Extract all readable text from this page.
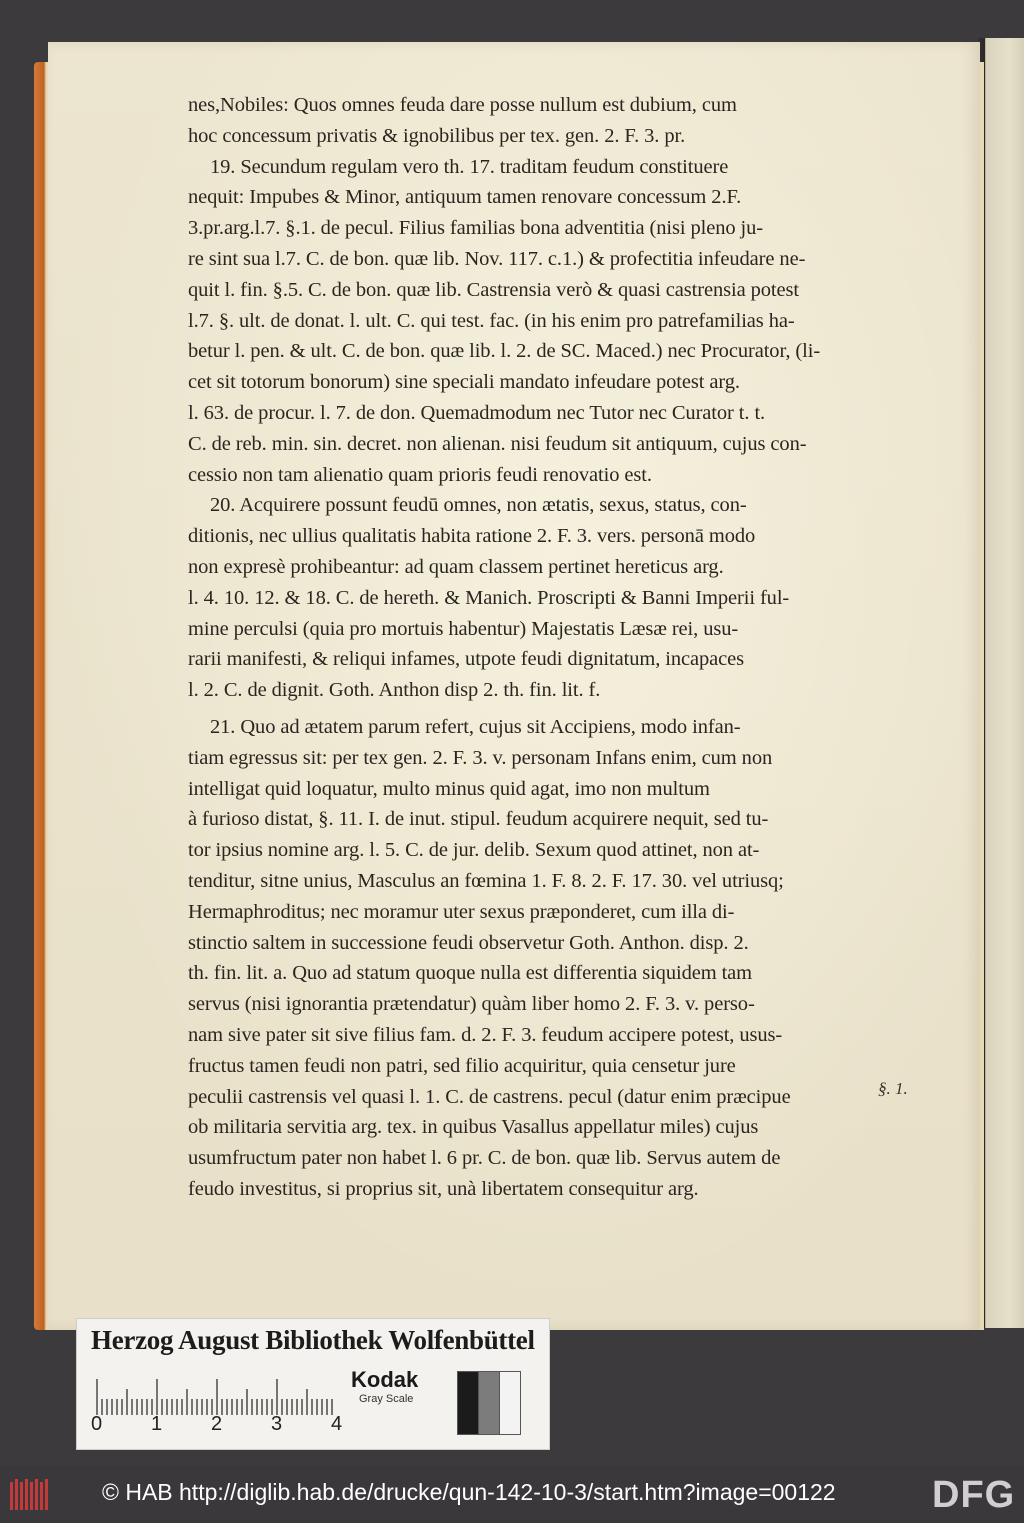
nes,Nobiles: Quos omnes feuda dare posse nullum est dubium, cum
hoc concessum privatis & ignobilibus per tex. gen. 2. F. 3. pr.
19. Secundum regulam vero th. 17. traditam feudum constituere
nequit: Impubes & Minor, antiquum tamen renovare concessum 2.F.
3.pr.arg.l.7. §.1. de pecul. Filius familias bona adventitia (nisi pleno ju-
re sint sua l.7. C. de bon. quæ lib. Nov. 117. c.1.) & profectitia infeudare ne-
quit l. fin. §.5. C. de bon. quæ lib. Castrensia verò & quasi castrensia potest
l.7. §. ult. de donat. l. ult. C. qui test. fac. (in his enim pro patrefamilias ha-
betur l. pen. & ult. C. de bon. quæ lib. l. 2. de SC. Maced.) nec Procurator, (li-
cet sit totorum bonorum) sine speciali mandato infeudare potest arg.
l. 63. de procur. l. 7. de don. Quemadmodum nec Tutor nec Curator t. t.
C. de reb. min. sin. decret. non alienan. nisi feudum sit antiquum, cujus con-
cessio non tam alienatio quam prioris feudi renovatio est.
20. Acquirere possunt feudū omnes, non ætatis, sexus, status, con-
ditionis, nec ullius qualitatis habita ratione 2. F. 3. vers. personā modo
non expresè prohibeantur: ad quam classem pertinet hereticus arg.
l. 4. 10. 12. & 18. C. de hereth. & Manich. Proscripti & Banni Imperii ful-
mine perculsi (quia pro mortuis habentur) Majestatis Læsæ rei, usu-
rarii manifesti, & reliqui infames, utpote feudi dignitatum, incapaces
l. 2. C. de dignit. Goth. Anthon disp 2. th. fin. lit. f.
21. Quo ad ætatem parum refert, cujus sit Accipiens, modo infan-
tiam egressus sit: per tex gen. 2. F. 3. v. personam Infans enim, cum non
intelligat quid loquatur, multo minus quid agat, imo non multum
à furioso distat, §. 11. I. de inut. stipul. feudum acquirere nequit, sed tu-
tor ipsius nomine arg. l. 5. C. de jur. delib. Sexum quod attinet, non at-
tenditur, sitne unius, Masculus an fœmina 1. F. 8. 2. F. 17. 30. vel utriusq;
Hermaphroditus; nec moramur uter sexus præponderet, cum illa di-
stinctio saltem in successione feudi observetur Goth. Anthon. disp. 2.
th. fin. lit. a. Quo ad statum quoque nulla est differentia siquidem tam
servus (nisi ignorantia prætendatur) quàm liber homo 2. F. 3. v. perso-
nam sive pater sit sive filius fam. d. 2. F. 3. feudum accipere potest, usus-
fructus tamen feudi non patri, sed filio acquiritur, quia censetur jure
peculii castrensis vel quasi l. 1. C. de castrens. pecul (datur enim præcipue
ob militaria servitia arg. tex. in quibus Vasallus appellatur miles) cujus
usumfructum pater non habet l. 6 pr. C. de bon. quæ lib. Servus autem de
feudo investitus, si proprius sit, unà libertatem consequitur arg.
§. 1.
Herzog August Bibliothek Wolfenbüttel
0 1 2 3 4
Kodak
Gray Scale
© HAB http://diglib.hab.de/drucke/qun-142-10-3/start.htm?image=00122	DFG
